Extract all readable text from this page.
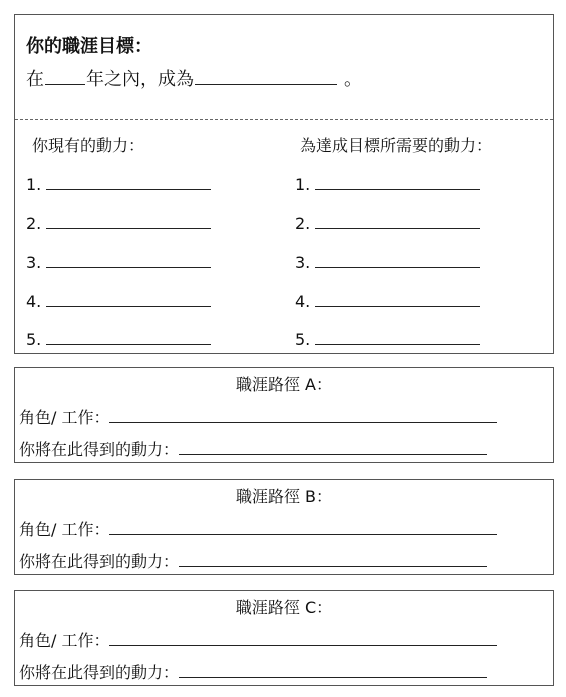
你的職涯目標：
在 年之內，成為	。
你現有的動力：	為達成目標所需要的動力：
1.
2.
3.
4.
5.
1.
2.
3.
4.
5.
職涯路徑 A：
角色/ 工作：
你將在此得到的動力：
職涯路徑 B：
角色/ 工作：
你將在此得到的動力：
職涯路徑 C：
角色/ 工作：
你將在此得到的動力：
